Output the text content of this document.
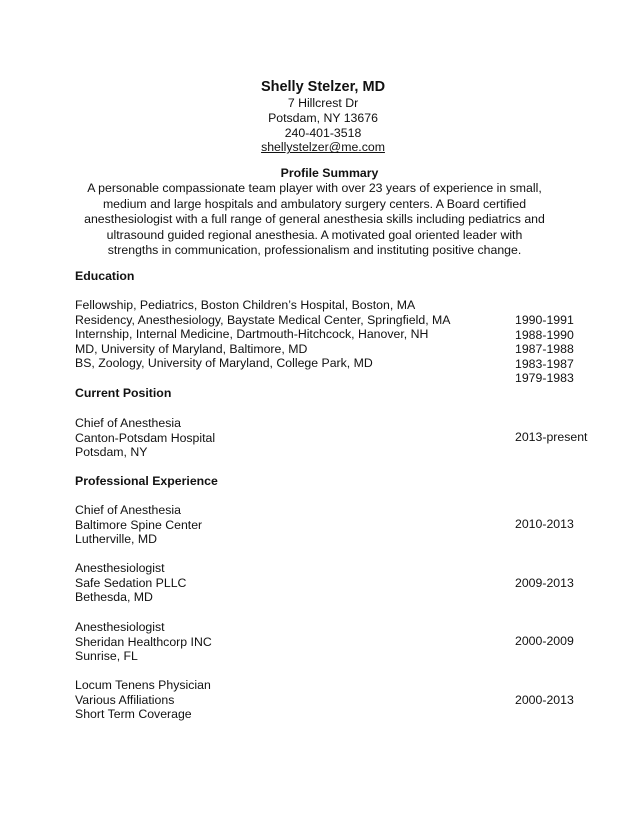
Shelly Stelzer, MD
7 Hillcrest Dr
Potsdam, NY 13676
240-401-3518
shellystelzer@me.com
Profile Summary
A personable compassionate team player with over 23 years of experience in small,
medium and large hospitals and ambulatory surgery centers. A Board certified
anesthesiologist with a full range of general anesthesia skills including pediatrics and
ultrasound guided regional anesthesia. A motivated goal oriented leader with
strengths in communication, professionalism and instituting positive change.
Education
Fellowship, Pediatrics, Boston Children’s Hospital, Boston, MA
Residency, Anesthesiology, Baystate Medical Center, Springfield, MA
Internship, Internal Medicine, Dartmouth-Hitchcock, Hanover, NH
MD, University of Maryland, Baltimore, MD
BS, Zoology, University of Maryland, College Park, MD
1990-1991
1988-1990
1987-1988
1983-1987
1979-1983
Current Position
Chief of Anesthesia
Canton-Potsdam Hospital
Potsdam, NY
2013-present
Professional Experience
Chief of Anesthesia
Baltimore Spine Center
Lutherville, MD
2010-2013
Anesthesiologist
Safe Sedation PLLC
Bethesda, MD
2009-2013
Anesthesiologist
Sheridan Healthcorp INC
Sunrise, FL
2000-2009
Locum Tenens Physician
Various Affiliations
Short Term Coverage
2000-2013
